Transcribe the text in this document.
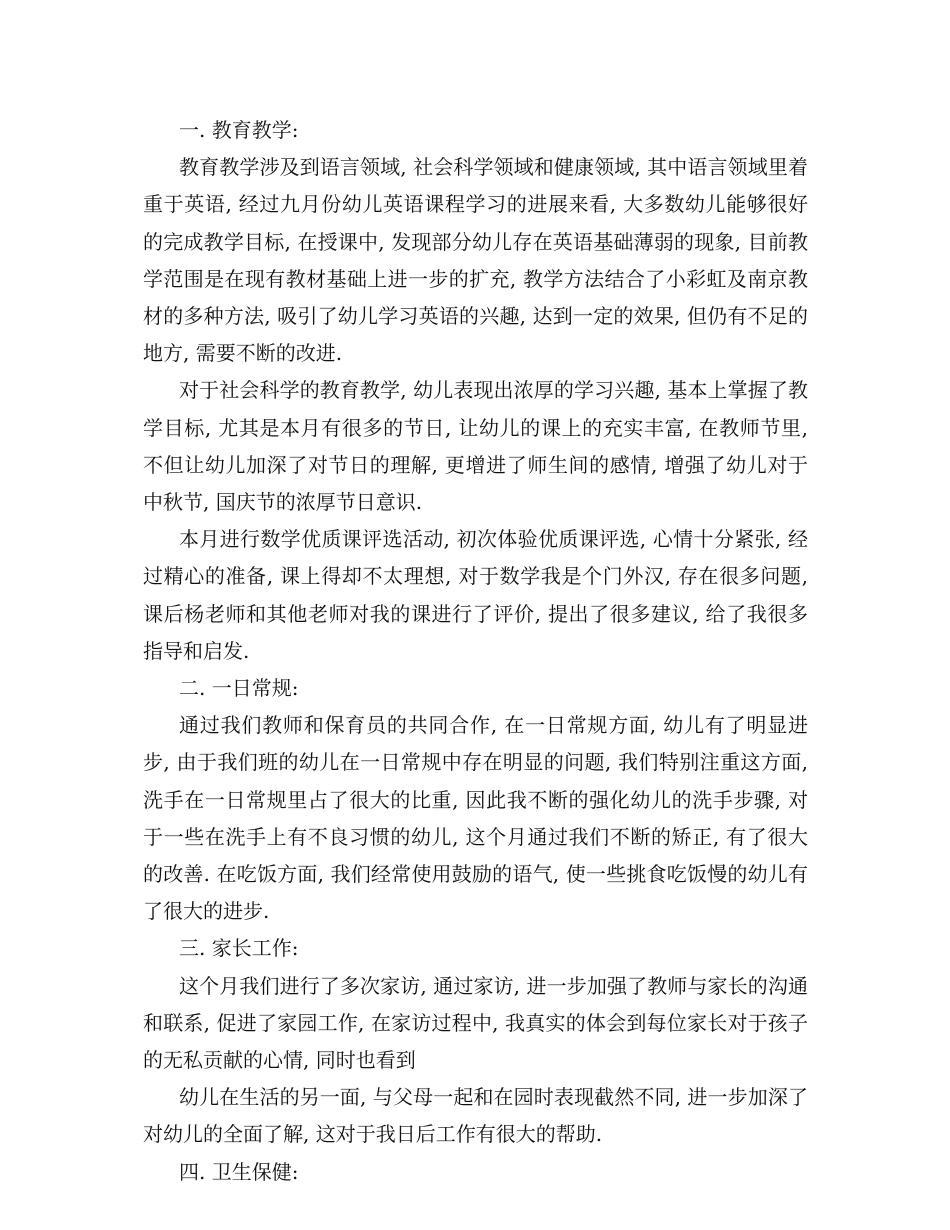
一. 教育教学:

教育教学涉及到语言领域, 社会科学领域和健康领域, 其中语言领域里着重于英语, 经过九月份幼儿英语课程学习的进展来看, 大多数幼儿能够很好的完成教学目标, 在授课中, 发现部分幼儿存在英语基础薄弱的现象, 目前教学范围是在现有教材基础上进一步的扩充, 教学方法结合了小彩虹及南京教材的多种方法, 吸引了幼儿学习英语的兴趣, 达到一定的效果, 但仍有不足的地方, 需要不断的改进.

对于社会科学的教育教学, 幼儿表现出浓厚的学习兴趣, 基本上掌握了教学目标, 尤其是本月有很多的节日, 让幼儿的课上的充实丰富, 在教师节里, 不但让幼儿加深了对节日的理解, 更增进了师生间的感情, 增强了幼儿对于中秋节, 国庆节的浓厚节日意识.

本月进行数学优质课评选活动, 初次体验优质课评选, 心情十分紧张, 经过精心的准备, 课上得却不太理想, 对于数学我是个门外汉, 存在很多问题, 课后杨老师和其他老师对我的课进行了评价, 提出了很多建议, 给了我很多指导和启发.

二. 一日常规:

通过我们教师和保育员的共同合作, 在一日常规方面, 幼儿有了明显进步, 由于我们班的幼儿在一日常规中存在明显的问题, 我们特别注重这方面, 洗手在一日常规里占了很大的比重, 因此我不断的强化幼儿的洗手步骤, 对于一些在洗手上有不良习惯的幼儿, 这个月通过我们不断的矫正, 有了很大的改善. 在吃饭方面, 我们经常使用鼓励的语气, 使一些挑食吃饭慢的幼儿有了很大的进步.

三. 家长工作:

这个月我们进行了多次家访, 通过家访, 进一步加强了教师与家长的沟通和联系, 促进了家园工作, 在家访过程中, 我真实的体会到每位家长对于孩子的无私贡献的心情, 同时也看到

幼儿在生活的另一面, 与父母一起和在园时表现截然不同, 进一步加深了对幼儿的全面了解, 这对于我日后工作有很大的帮助.

四. 卫生保健:
